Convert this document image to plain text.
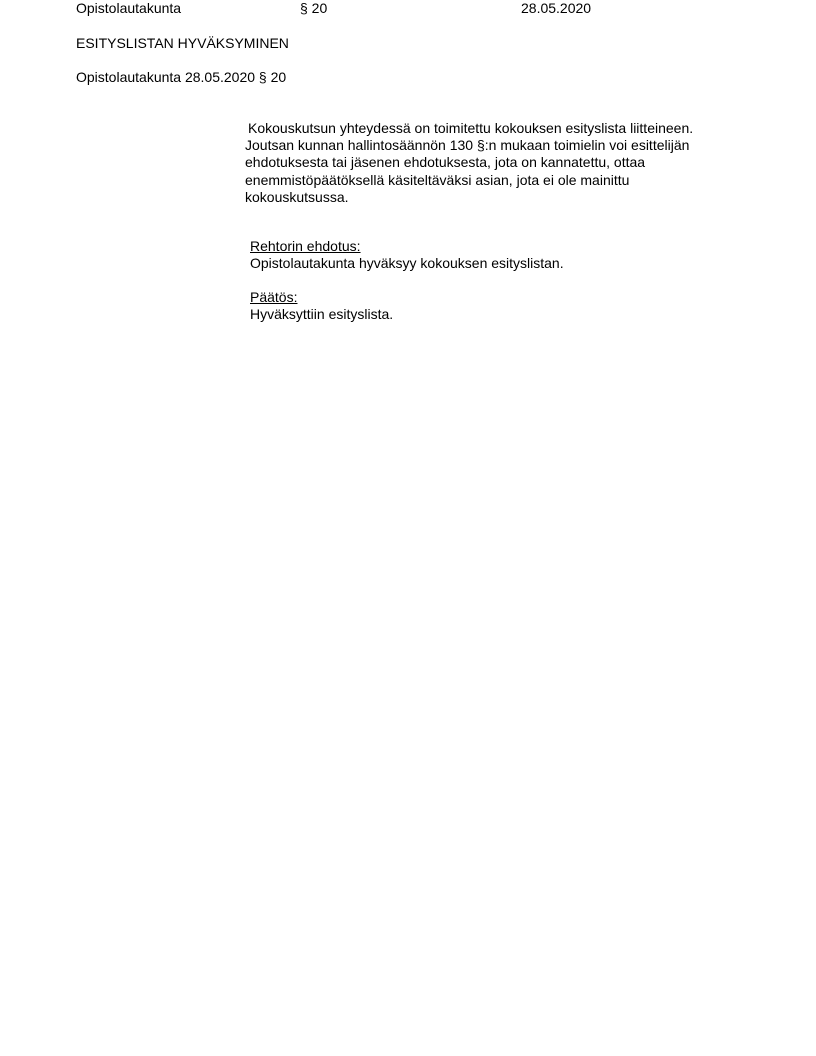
Opistolautakunta	§ 20	28.05.2020
ESITYSLISTAN HYVÄKSYMINEN
Opistolautakunta 28.05.2020 § 20
Kokouskutsun yhteydessä on toimitettu kokouksen esityslista liitteineen.
Joutsan kunnan hallintosäännön 130 §:n mukaan toimielin voi esittelijän
ehdotuksesta tai jäsenen ehdotuksesta, jota on kannatettu, ottaa
enemmistöpäätöksellä käsiteltäväksi asian, jota ei ole mainittu
kokouskutsussa.
Rehtorin ehdotus:
Opistolautakunta hyväksyy kokouksen esityslistan.
Päätös:
Hyväksyttiin esityslista.
